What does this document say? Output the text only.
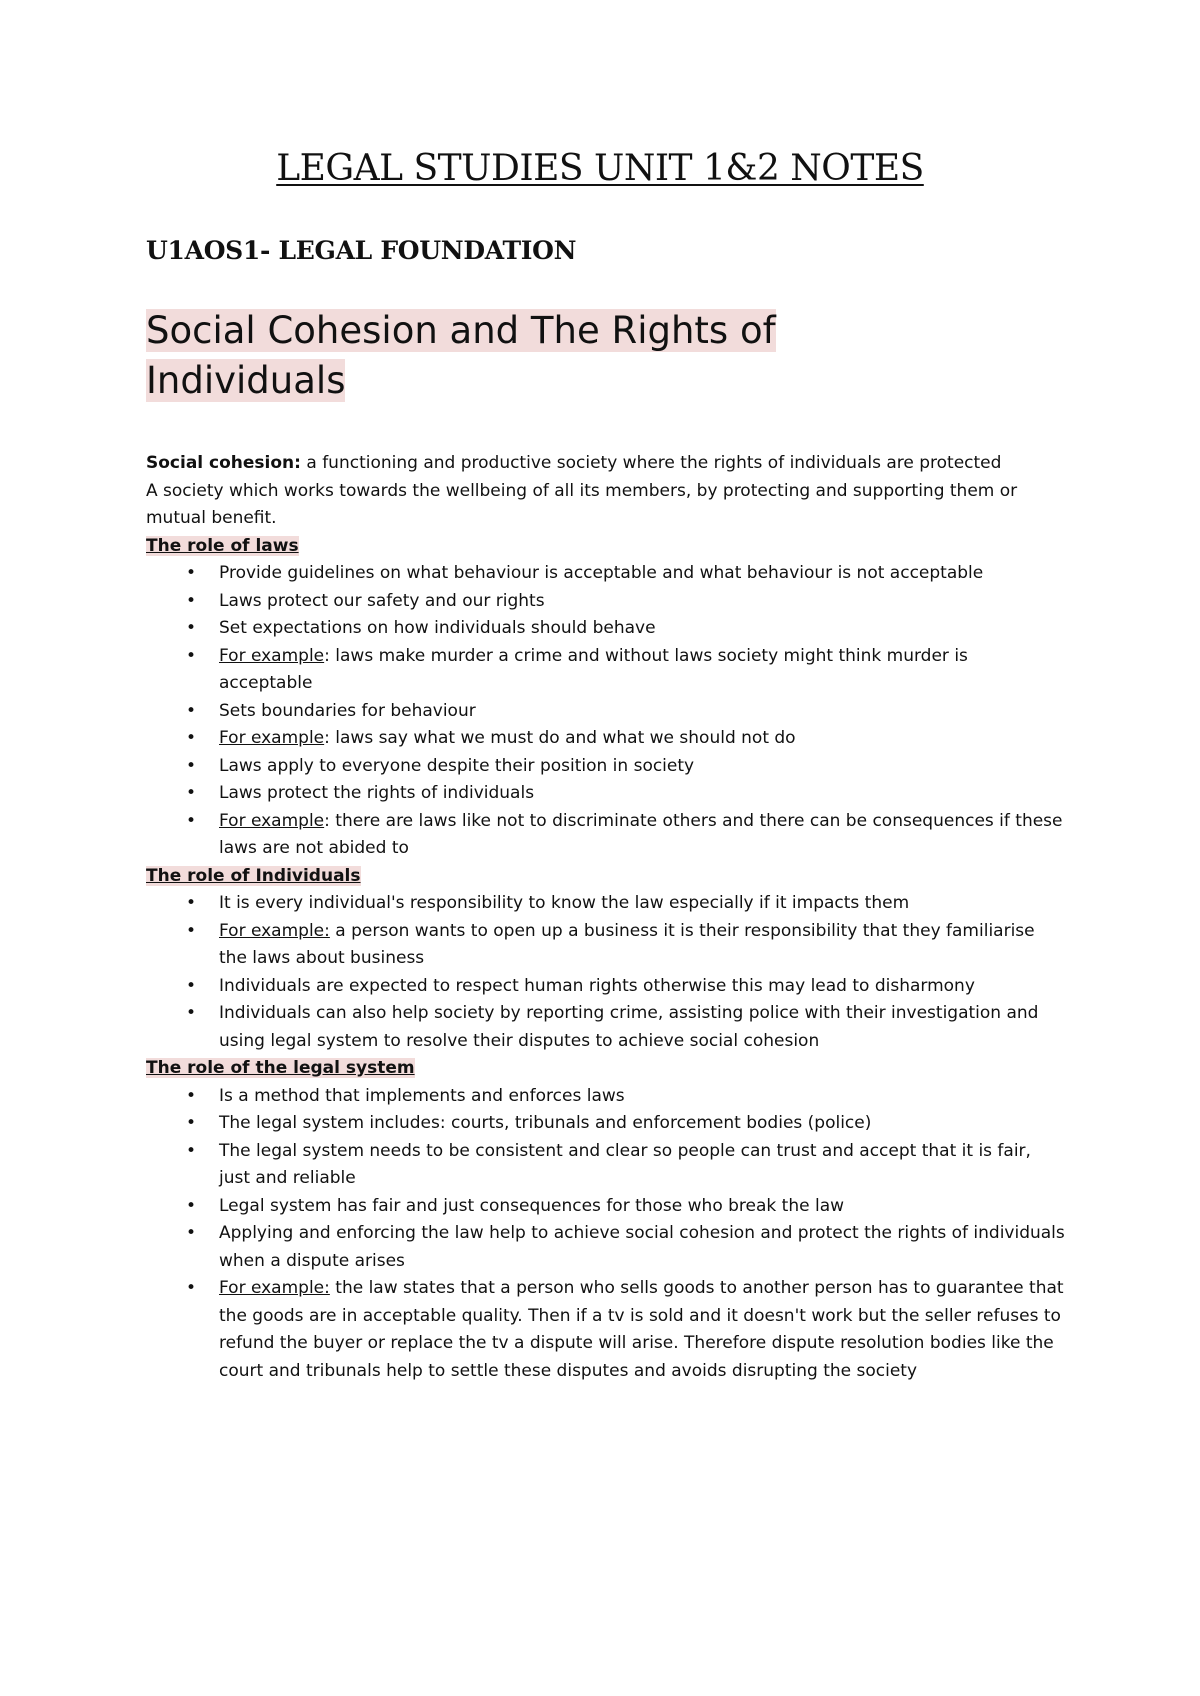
LEGAL STUDIES UNIT 1&2 NOTES
U1AOS1- LEGAL FOUNDATION
Social Cohesion and The Rights of Individuals

Social cohesion: a functioning and productive society where the rights of individuals are protected

A society which works towards the wellbeing of all its members, by protecting and supporting them or mutual benefit.

The role of laws

• Provide guidelines on what behaviour is acceptable and what behaviour is not acceptable
• Laws protect our safety and our rights
• Set expectations on how individuals should behave
• For example: laws make murder a crime and without laws society might think murder is acceptable
• Sets boundaries for behaviour
• For example: laws say what we must do and what we should not do
• Laws apply to everyone despite their position in society
• Laws protect the rights of individuals
• For example: there are laws like not to discriminate others and there can be consequences if these laws are not abided to

The role of Individuals

• It is every individual's responsibility to know the law especially if it impacts them
• For example: a person wants to open up a business it is their responsibility that they familiarise the laws about business
• Individuals are expected to respect human rights otherwise this may lead to disharmony
• Individuals can also help society by reporting crime, assisting police with their investigation and using legal system to resolve their disputes to achieve social cohesion

The role of the legal system

• Is a method that implements and enforces laws
• The legal system includes: courts, tribunals and enforcement bodies (police)
• The legal system needs to be consistent and clear so people can trust and accept that it is fair, just and reliable
• Legal system has fair and just consequences for those who break the law
• Applying and enforcing the law help to achieve social cohesion and protect the rights of individuals when a dispute arises
• For example: the law states that a person who sells goods to another person has to guarantee that the goods are in acceptable quality. Then if a tv is sold and it doesn't work but the seller refuses to refund the buyer or replace the tv a dispute will arise. Therefore dispute resolution bodies like the court and tribunals help to settle these disputes and avoids disrupting the society
